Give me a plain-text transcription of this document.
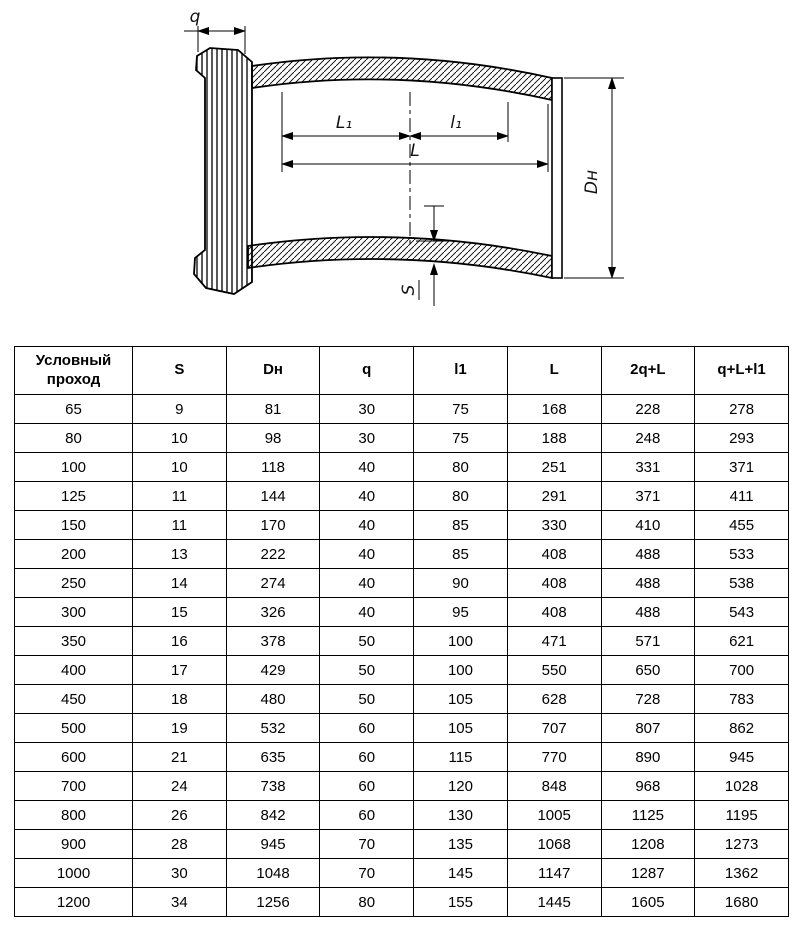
q
L₁	l₁
L
Dн
S
Условный проход	S	Dн	q	l1	L	2q+L	q+L+l1
65	9	81	30	75	168	228	278
80	10	98	30	75	188	248	293
100	10	118	40	80	251	331	371
125	11	144	40	80	291	371	411
150	11	170	40	85	330	410	455
200	13	222	40	85	408	488	533
250	14	274	40	90	408	488	538
300	15	326	40	95	408	488	543
350	16	378	50	100	471	571	621
400	17	429	50	100	550	650	700
450	18	480	50	105	628	728	783
500	19	532	60	105	707	807	862
600	21	635	60	115	770	890	945
700	24	738	60	120	848	968	1028
800	26	842	60	130	1005	1125	1195
900	28	945	70	135	1068	1208	1273
1000	30	1048	70	145	1147	1287	1362
1200	34	1256	80	155	1445	1605	1680
